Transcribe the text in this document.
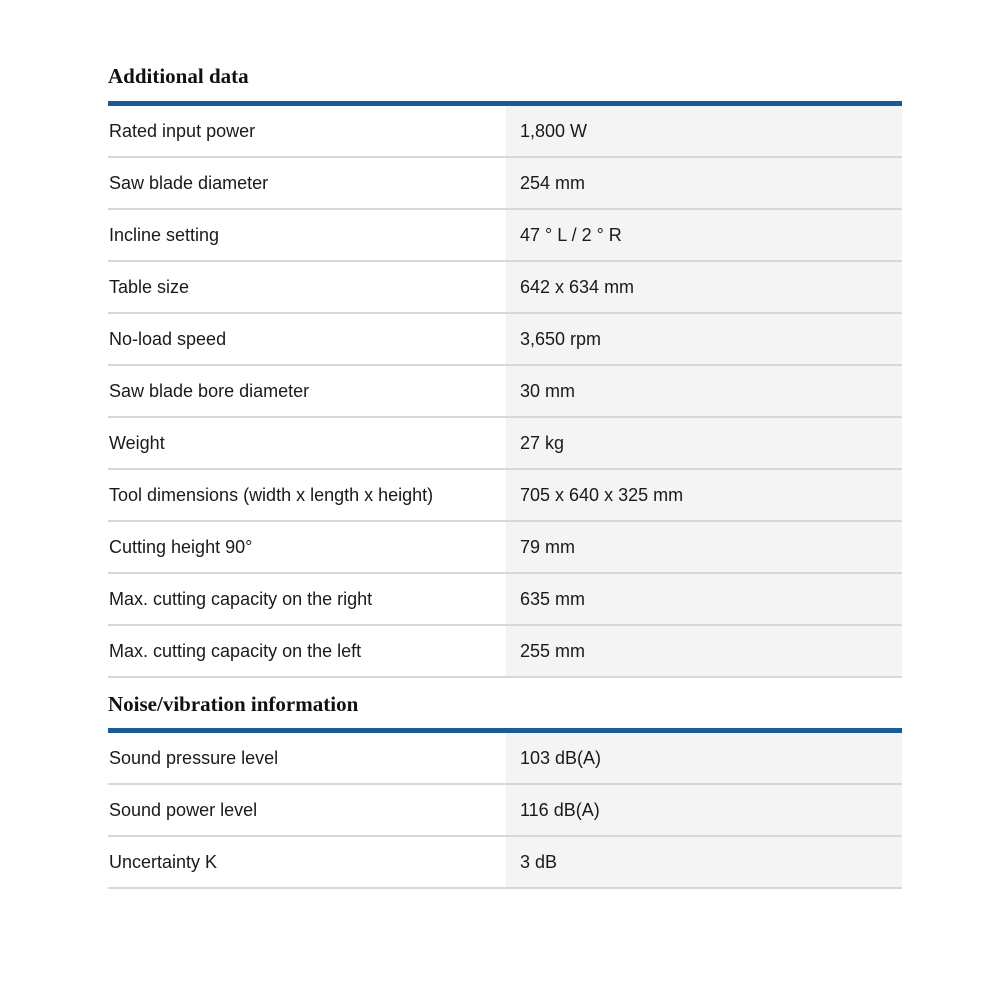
Additional data
Rated input power	1,800 W
Saw blade diameter	254 mm
Incline setting	47 ° L / 2 ° R
Table size	642 x 634 mm
No-load speed	3,650 rpm
Saw blade bore diameter	30 mm
Weight	27 kg
Tool dimensions (width x length x height)	705 x 640 x 325 mm
Cutting height 90°	79 mm
Max. cutting capacity on the right	635 mm
Max. cutting capacity on the left	255 mm
Noise/vibration information
Sound pressure level	103 dB(A)
Sound power level	116 dB(A)
Uncertainty K	3 dB
